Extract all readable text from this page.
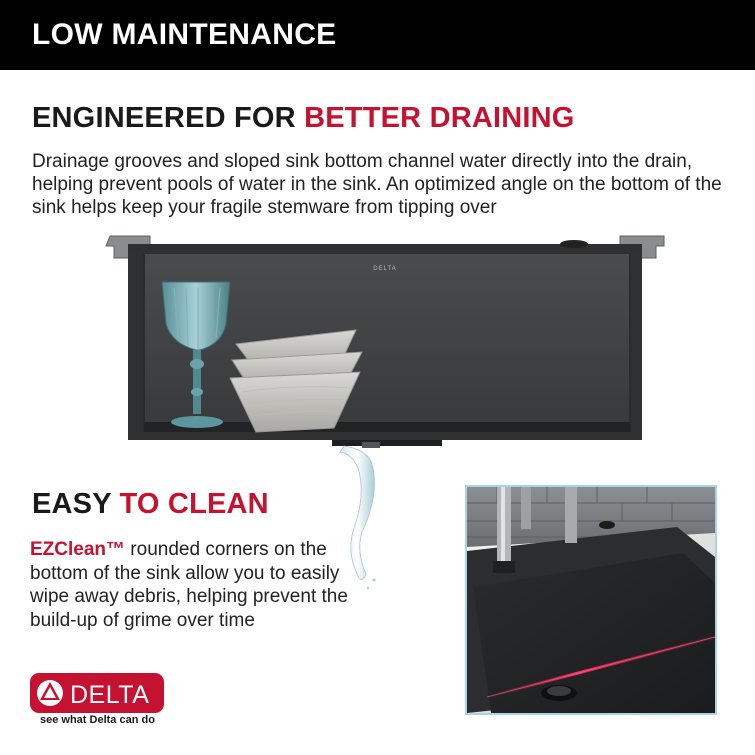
LOW MAINTENANCE
ENGINEERED FOR BETTER DRAINING
Drainage grooves and sloped sink bottom channel water directly into the drain, helping prevent pools of water in the sink. An optimized angle on the bottom of the sink helps keep your fragile stemware from tipping over
DELTA
EASY TO CLEAN
EZClean™ rounded corners on the bottom of the sink allow you to easily wipe away debris, helping prevent the build-up of grime over time
DELTA
see what Delta can do
